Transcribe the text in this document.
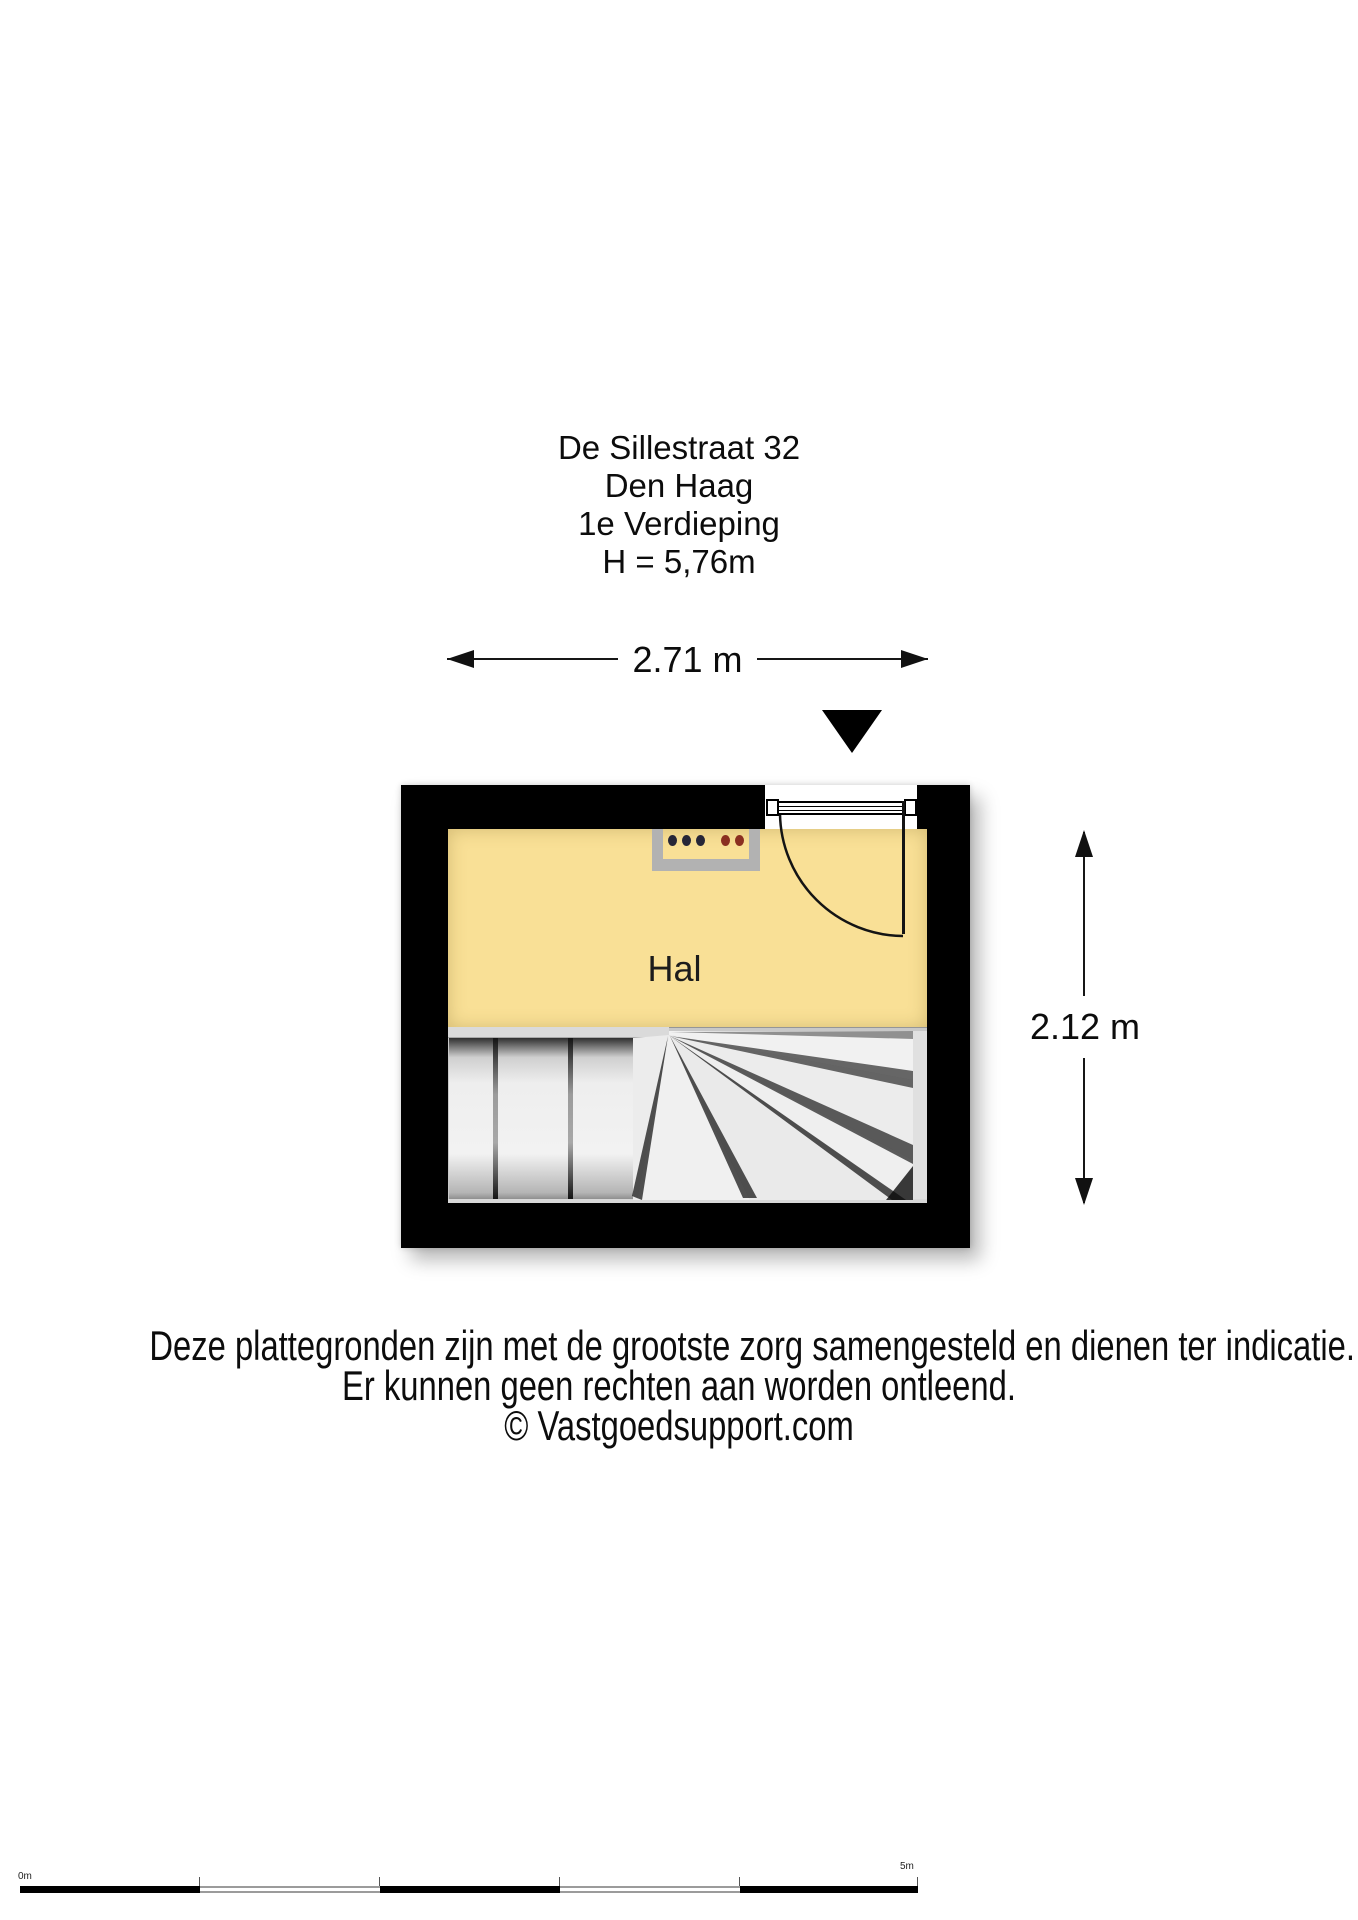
De Sillestraat 32
Den Haag
1e Verdieping
H = 5,76m
2.71 m
2.12 m
Hal
Deze plattegronden zijn met de grootste zorg samengesteld en dienen ter indicatie.
Er kunnen geen rechten aan worden ontleend.
© Vastgoedsupport.com
0m
5m
